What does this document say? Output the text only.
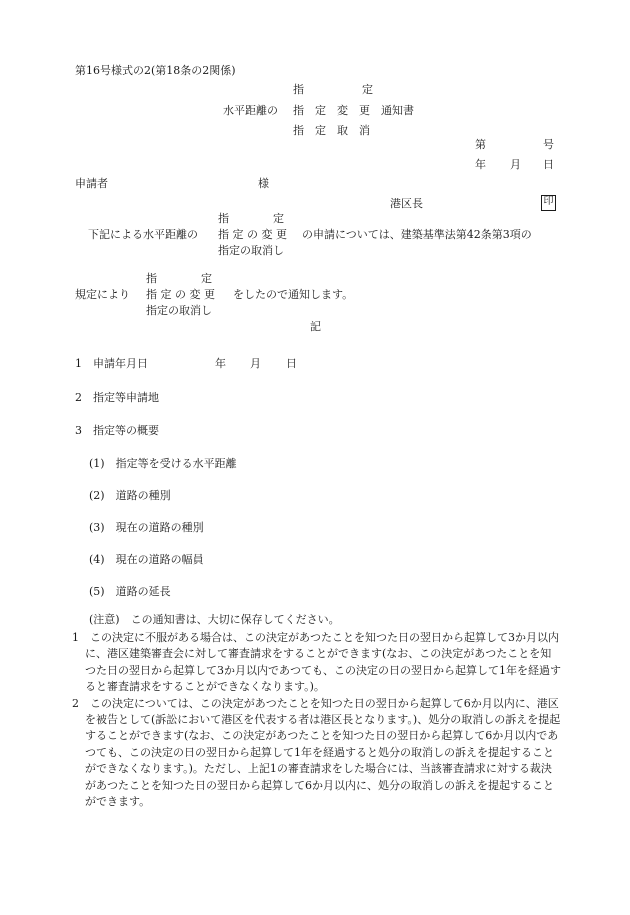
第16号様式の2(第18条の2関係)
指　　　　　定
水平距離の 指　定　変　更　通知書
指　定　取　消
第	号
年 月 日
申請者	様
港区長	印
指　　　　定
下記による水平距離の 指 定 の 変 更 の申請については、建築基準法第42条第3項の
指定の取消し
指　　　　定
規定により 指 定 の 変 更 をしたので通知します。
指定の取消し
記
1　申請年月日	年 月 日
2　指定等申請地
3　指定等の概要
(1)　指定等を受ける水平距離
(2)　道路の種別
(3)　現在の道路の種別
(4)　現在の道路の幅員
(5)　道路の延長
(注意)　この通知書は、大切に保存してください。

1　この決定に不服がある場合は、この決定があつたことを知つた日の翌日から起算して3か月以内に、港区建築審査会に対して審査請求をすることができます(なお、この決定があつたことを知つた日の翌日から起算して3か月以内であつても、この決定の日の翌日から起算して1年を経過すると審査請求をすることができなくなります。)。

2　この決定については、この決定があつたことを知つた日の翌日から起算して6か月以内に、港区を被告として(訴訟において港区を代表する者は港区長となります。)、処分の取消しの訴えを提起することができます(なお、この決定があつたことを知つた日の翌日から起算して6か月以内であつても、この決定の日の翌日から起算して1年を経過すると処分の取消しの訴えを提起することができなくなります。)。ただし、上記1の審査請求をした場合には、当該審査請求に対する裁決があつたことを知つた日の翌日から起算して6か月以内に、処分の取消しの訴えを提起することができます。
